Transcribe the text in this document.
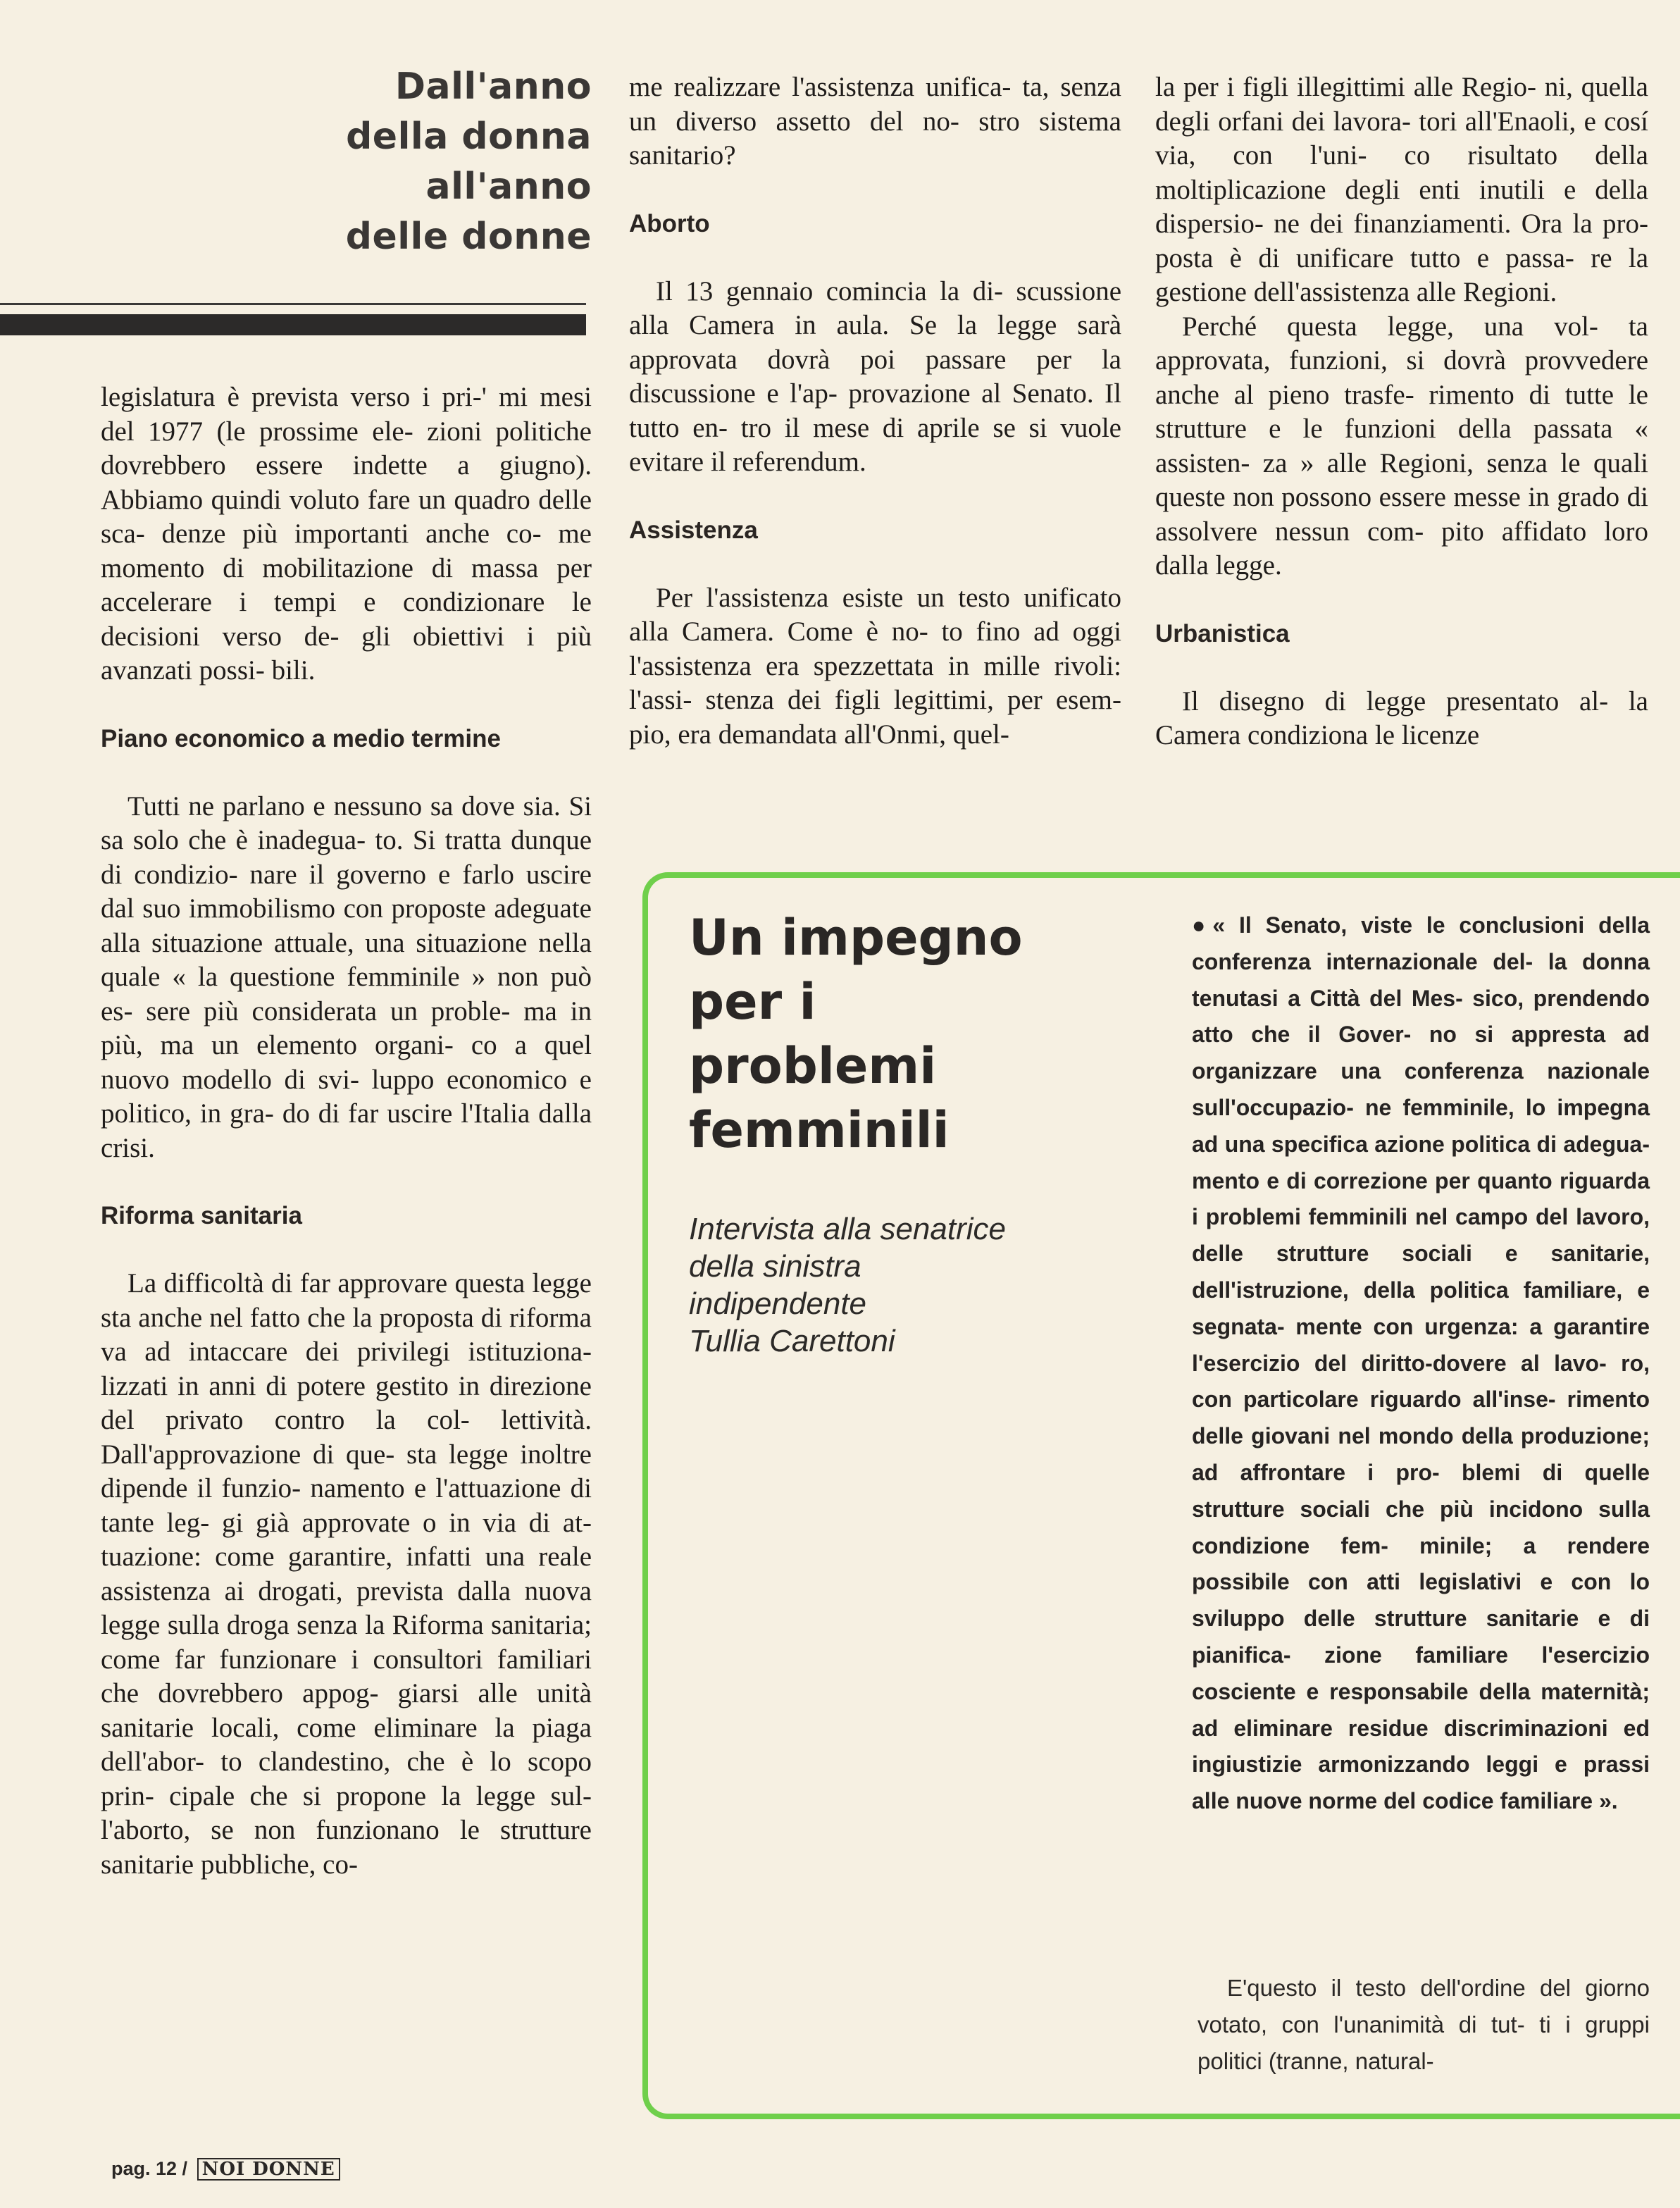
Dall'anno
della donna
all'anno
delle donne

legislatura è prevista verso i pri-' mi mesi del 1977 (le prossime ele- zioni politiche dovrebbero essere indette a giugno). Abbiamo quindi voluto fare un quadro delle sca- denze più importanti anche co- me momento di mobilitazione di massa per accelerare i tempi e condizionare le decisioni verso de- gli obiettivi i più avanzati possi- bili.

Piano economico a medio termine

Tutti ne parlano e nessuno sa dove sia. Si sa solo che è inadegua- to. Si tratta dunque di condizio- nare il governo e farlo uscire dal suo immobilismo con proposte adeguate alla situazione attuale, una situazione nella quale « la questione femminile » non può es- sere più considerata un proble- ma in più, ma un elemento organi- co a quel nuovo modello di svi- luppo economico e politico, in gra- do di far uscire l'Italia dalla crisi.

Riforma sanitaria

La difficoltà di far approvare questa legge sta anche nel fatto che la proposta di riforma va ad intaccare dei privilegi istituziona- lizzati in anni di potere gestito in direzione del privato contro la col- lettività. Dall'approvazione di que- sta legge inoltre dipende il funzio- namento e l'attuazione di tante leg- gi già approvate o in via di at- tuazione: come garantire, infatti una reale assistenza ai drogati, prevista dalla nuova legge sulla droga senza la Riforma sanitaria; come far funzionare i consultori familiari che dovrebbero appog- giarsi alle unità sanitarie locali, come eliminare la piaga dell'abor- to clandestino, che è lo scopo prin- cipale che si propone la legge sul- l'aborto, se non funzionano le strutture sanitarie pubbliche, co-

me realizzare l'assistenza unifica- ta, senza un diverso assetto del no- stro sistema sanitario?

Aborto

Il 13 gennaio comincia la di- scussione alla Camera in aula. Se la legge sarà approvata dovrà poi passare per la discussione e l'ap- provazione al Senato. Il tutto en- tro il mese di aprile se si vuole evitare il referendum.

Assistenza

Per l'assistenza esiste un testo unificato alla Camera. Come è no- to fino ad oggi l'assistenza era spezzettata in mille rivoli: l'assi- stenza dei figli legittimi, per esem- pio, era demandata all'Onmi, quel-

la per i figli illegittimi alle Regio- ni, quella degli orfani dei lavora- tori all'Enaoli, e cosí via, con l'uni- co risultato della moltiplicazione degli enti inutili e della dispersio- ne dei finanziamenti. Ora la pro- posta è di unificare tutto e passa- re la gestione dell'assistenza alle Regioni.

Perché questa legge, una vol- ta approvata, funzioni, si dovrà provvedere anche al pieno trasfe- rimento di tutte le strutture e le funzioni della passata « assisten- za » alle Regioni, senza le quali queste non possono essere messe in grado di assolvere nessun com- pito affidato loro dalla legge.

Urbanistica

Il disegno di legge presentato al- la Camera condiziona le licenze

Un impegno
per i
problemi
femminili
Intervista alla senatrice
della sinistra
indipendente
Tullia Carettoni

● « Il Senato, viste le conclusioni della conferenza internazionale del- la donna tenutasi a Città del Mes- sico, prendendo atto che il Gover- no si appresta ad organizzare una conferenza nazionale sull'occupazio- ne femminile, lo impegna ad una specifica azione politica di adegua- mento e di correzione per quanto riguarda i problemi femminili nel campo del lavoro, delle strutture sociali e sanitarie, dell'istruzione, della politica familiare, e segnata- mente con urgenza: a garantire l'esercizio del diritto-dovere al lavo- ro, con particolare riguardo all'inse- rimento delle giovani nel mondo della produzione; ad affrontare i pro- blemi di quelle strutture sociali che più incidono sulla condizione fem- minile; a rendere possibile con atti legislativi e con lo sviluppo delle strutture sanitarie e di pianifica- zione familiare l'esercizio cosciente e responsabile della maternità; ad eliminare residue discriminazioni ed ingiustizie armonizzando leggi e prassi alle nuove norme del codice familiare ».

E'questo il testo dell'ordine del giorno votato, con l'unanimità di tut- ti i gruppi politici (tranne, natural-

pag. 12 / NOI DONNE
